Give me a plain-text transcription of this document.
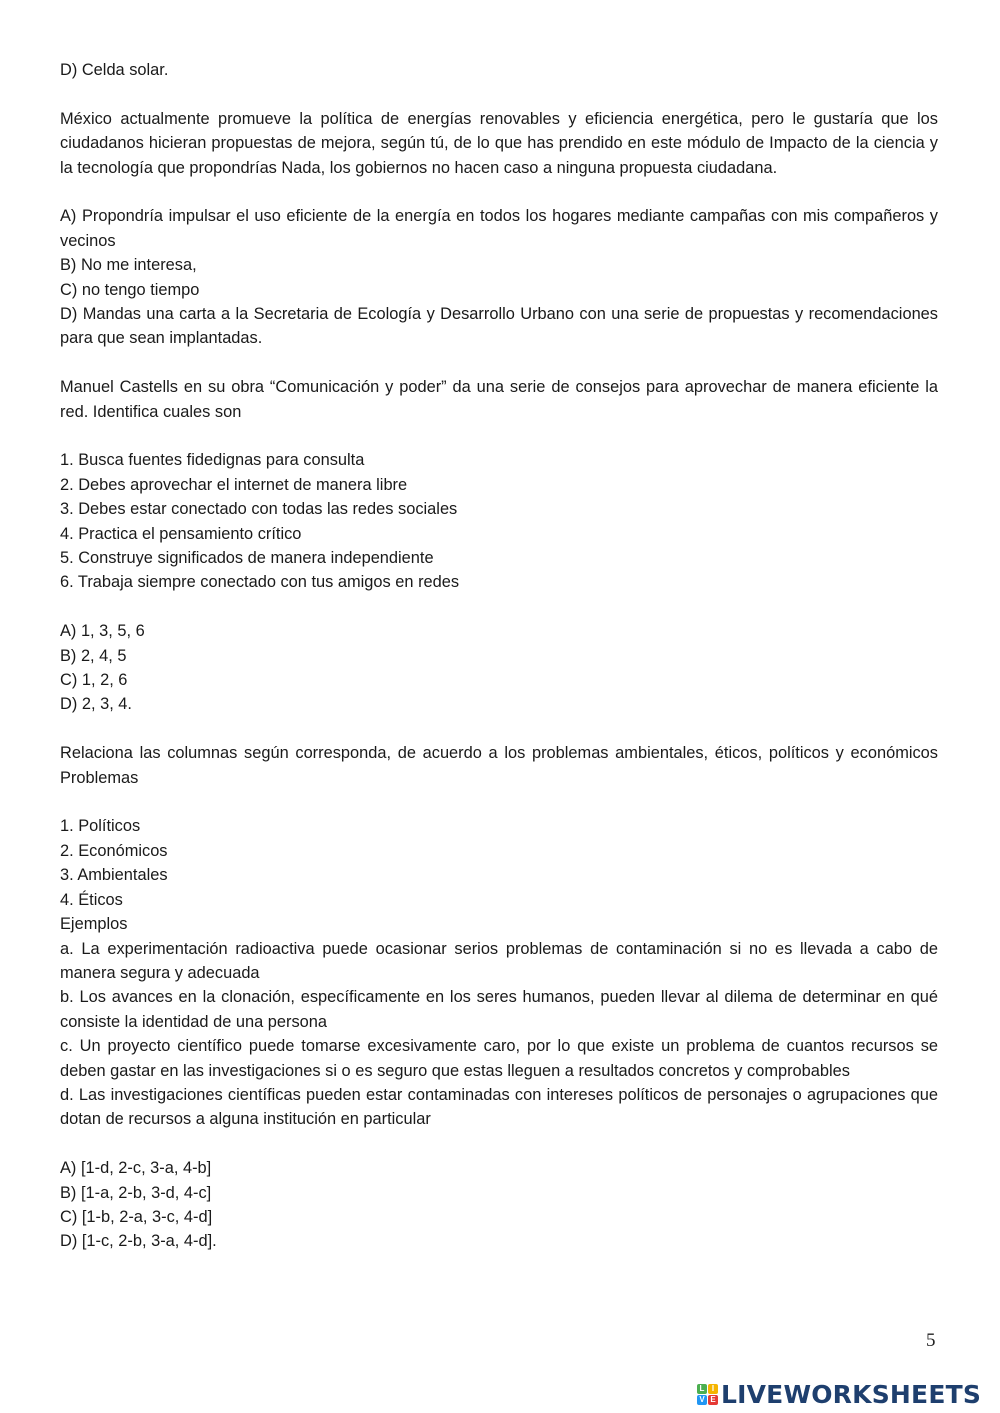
D) Celda solar.

México actualmente promueve la política de energías renovables y eficiencia energética, pero le gustaría que los ciudadanos hicieran propuestas de mejora, según tú, de lo que has prendido en este módulo de Impacto de la ciencia y la tecnología que propondrías Nada, los gobiernos no hacen caso a ninguna propuesta ciudadana.

A) Propondría impulsar el uso eficiente de la energía en todos los hogares mediante campañas con mis compañeros y vecinos
B) No me interesa,
C) no tengo tiempo
D) Mandas una carta a la Secretaria de Ecología y Desarrollo Urbano con una serie de propuestas y recomendaciones para que sean implantadas.

Manuel Castells en su obra “Comunicación y poder” da una serie de consejos para aprovechar de manera eficiente la red. Identifica cuales son

1. Busca fuentes fidedignas para consulta
2. Debes aprovechar el internet de manera libre
3. Debes estar conectado con todas las redes sociales
4. Practica el pensamiento crítico
5. Construye significados de manera independiente
6. Trabaja siempre conectado con tus amigos en redes
A) 1, 3, 5, 6
B) 2, 4, 5
C) 1, 2, 6
D) 2, 3, 4.

Relaciona las columnas según corresponda, de acuerdo a los problemas ambientales, éticos, políticos y económicos Problemas

1. Políticos
2. Económicos
3. Ambientales
4. Éticos
Ejemplos
a. La experimentación radioactiva puede ocasionar serios problemas de contaminación si no es llevada a cabo de manera segura y adecuada
b. Los avances en la clonación, específicamente en los seres humanos, pueden llevar al dilema de determinar en qué consiste la identidad de una persona
c. Un proyecto científico puede tomarse excesivamente caro, por lo que existe un problema de cuantos recursos se deben gastar en las investigaciones si o es seguro que estas lleguen a resultados concretos y comprobables
d. Las investigaciones científicas pueden estar contaminadas con intereses políticos de personajes o agrupaciones que dotan de recursos a alguna institución en particular
A) [1-d, 2-c, 3-a, 4-b]
B) [1-a, 2-b, 3-d, 4-c]
C) [1-b, 2-a, 3-c, 4-d]
D) [1-c, 2-b, 3-a, 4-d].
5
L I
V E LIVEWORKSHEETS
